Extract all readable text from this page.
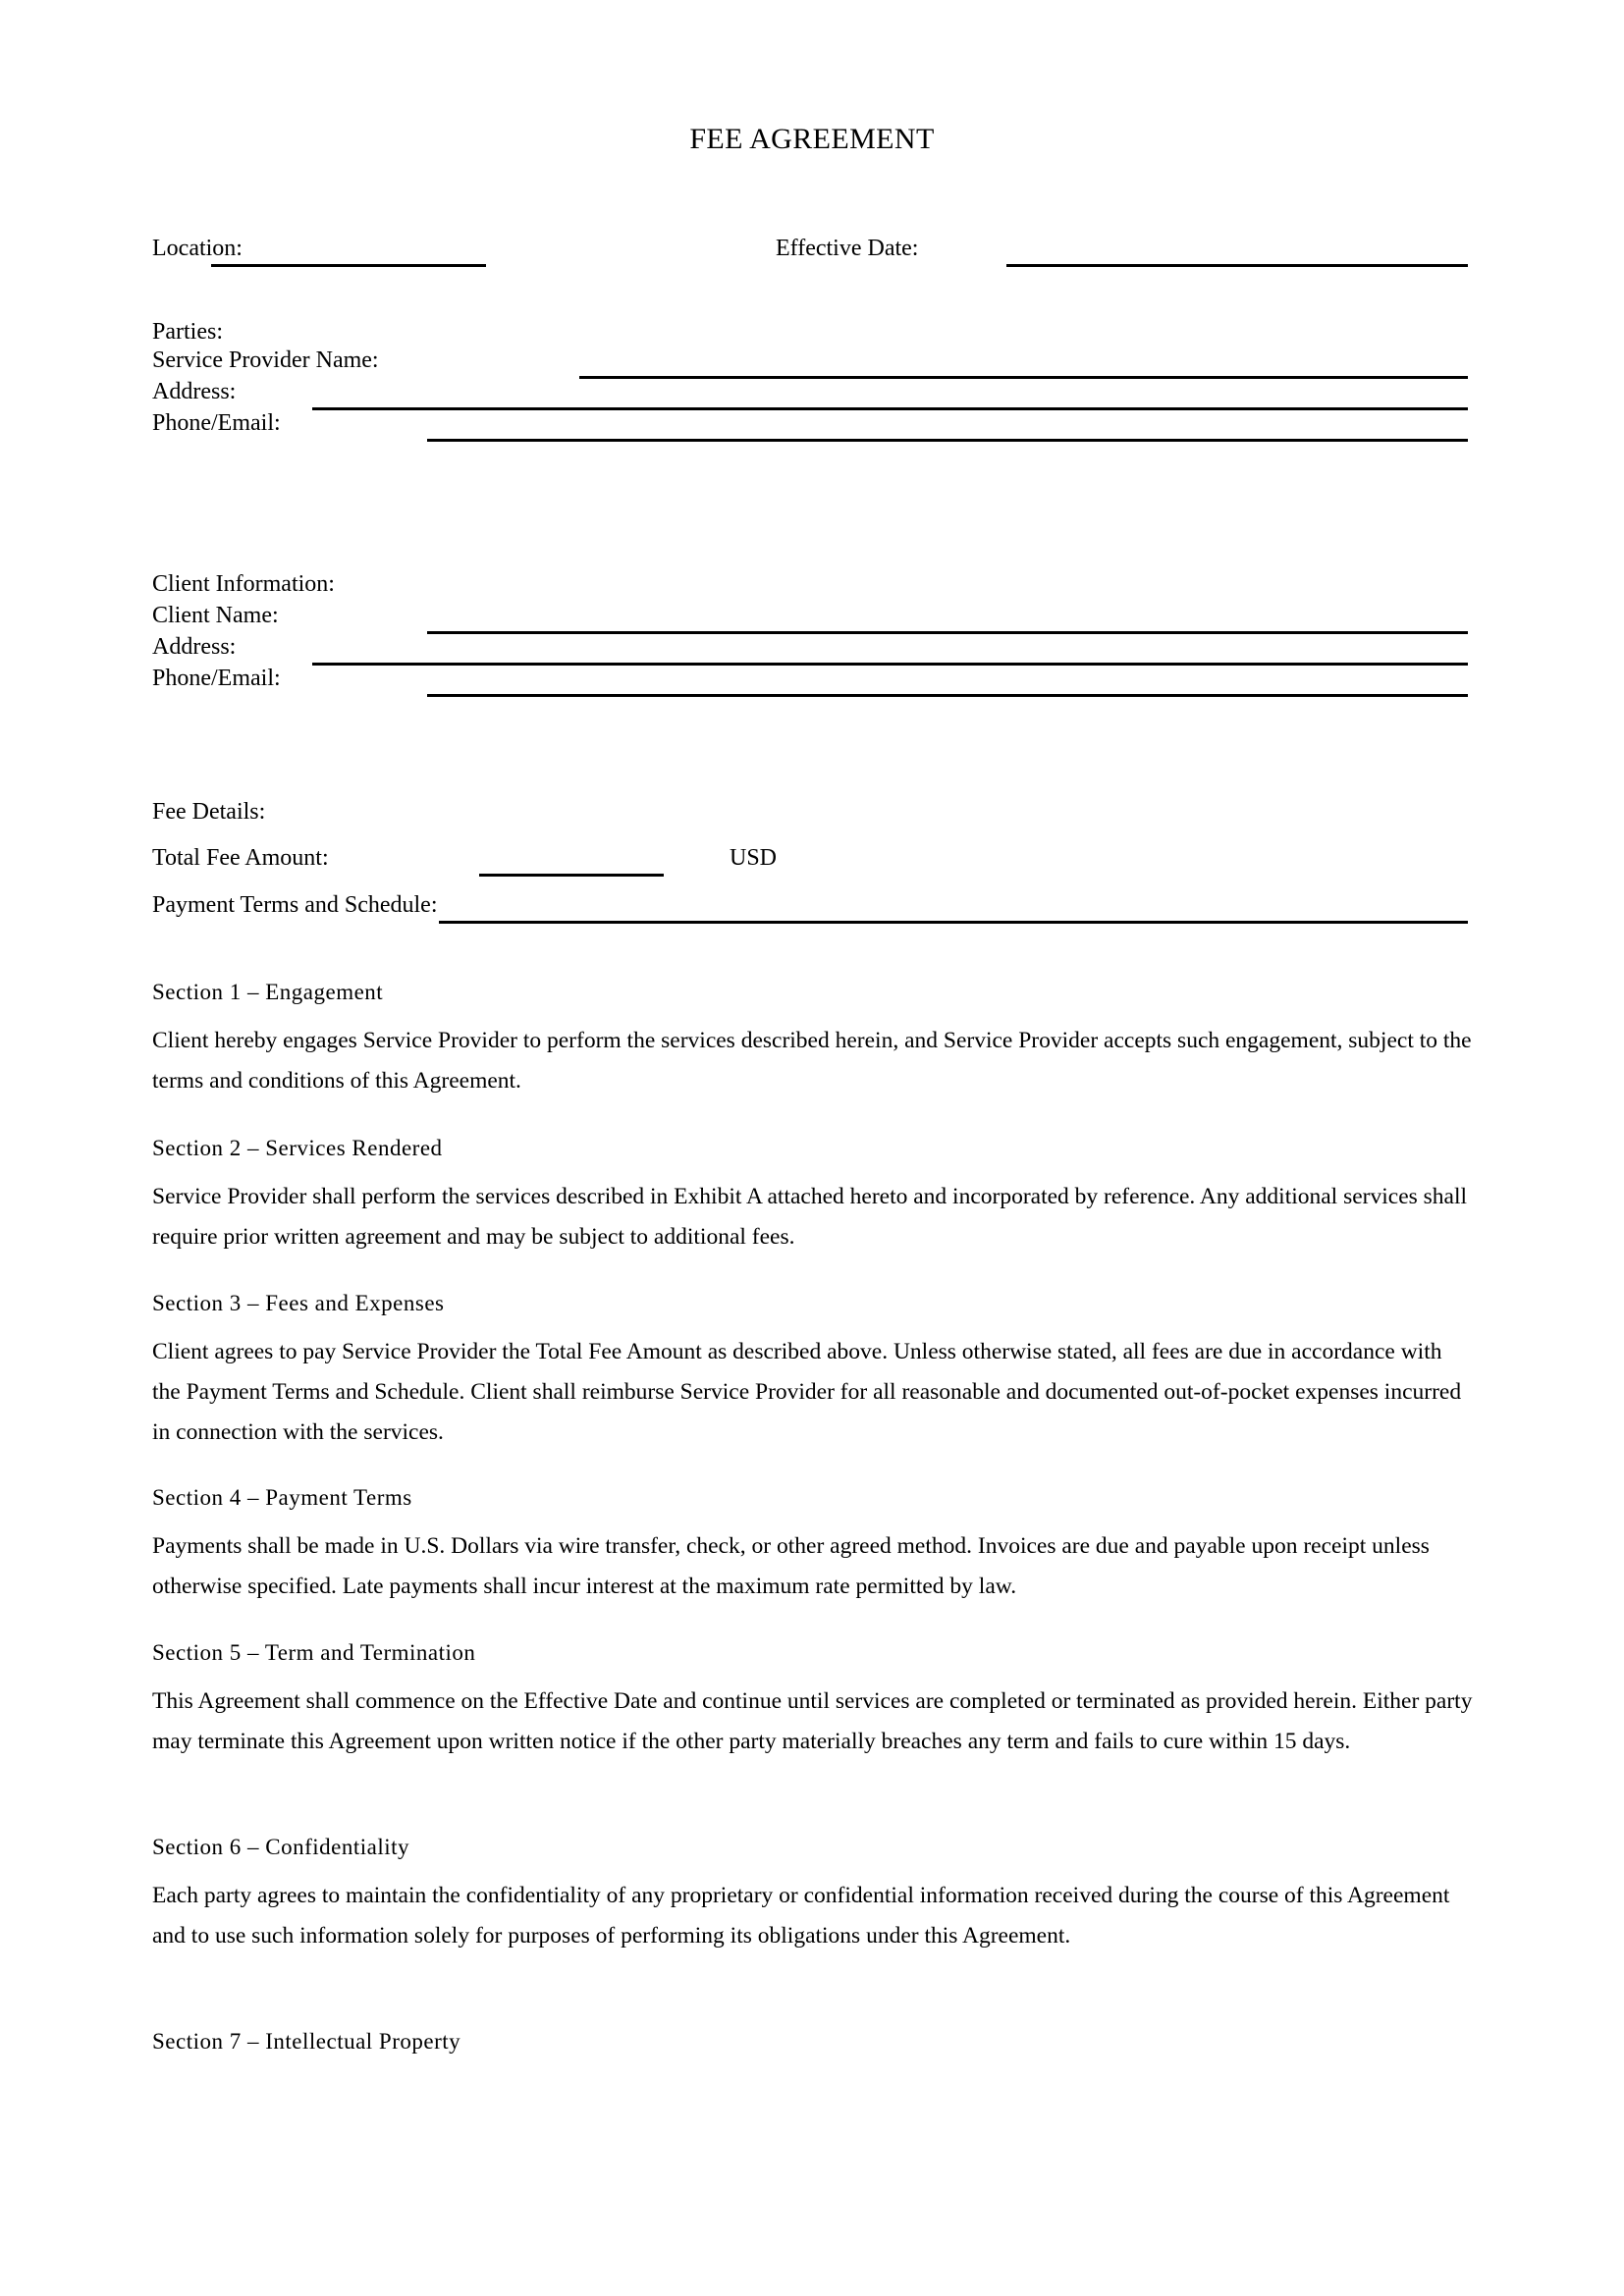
FEE AGREEMENT
Location:	Effective Date:
Parties:
Service Provider Name:
Address:
Phone/Email:
Client Information:
Client Name:
Address:
Phone/Email:
Fee Details:
Total Fee Amount:	USD
Payment Terms and Schedule:
Section 1 – Engagement
Client hereby engages Service Provider to perform the services described herein, and Service Provider accepts such engagement, subject to the terms and conditions of this Agreement.
Section 2 – Services Rendered
Service Provider shall perform the services described in Exhibit A attached hereto and incorporated by reference. Any additional services shall require prior written agreement and may be subject to additional fees.
Section 3 – Fees and Expenses
Client agrees to pay Service Provider the Total Fee Amount as described above. Unless otherwise stated, all fees are due in accordance with the Payment Terms and Schedule. Client shall reimburse Service Provider for all reasonable and documented out-of-pocket expenses incurred in connection with the services.
Section 4 – Payment Terms
Payments shall be made in U.S. Dollars via wire transfer, check, or other agreed method. Invoices are due and payable upon receipt unless otherwise specified. Late payments shall incur interest at the maximum rate permitted by law.
Section 5 – Term and Termination
This Agreement shall commence on the Effective Date and continue until services are completed or terminated as provided herein. Either party may terminate this Agreement upon written notice if the other party materially breaches any term and fails to cure within 15 days.
Section 6 – Confidentiality
Each party agrees to maintain the confidentiality of any proprietary or confidential information received during the course of this Agreement and to use such information solely for purposes of performing its obligations under this Agreement.
Section 7 – Intellectual Property
